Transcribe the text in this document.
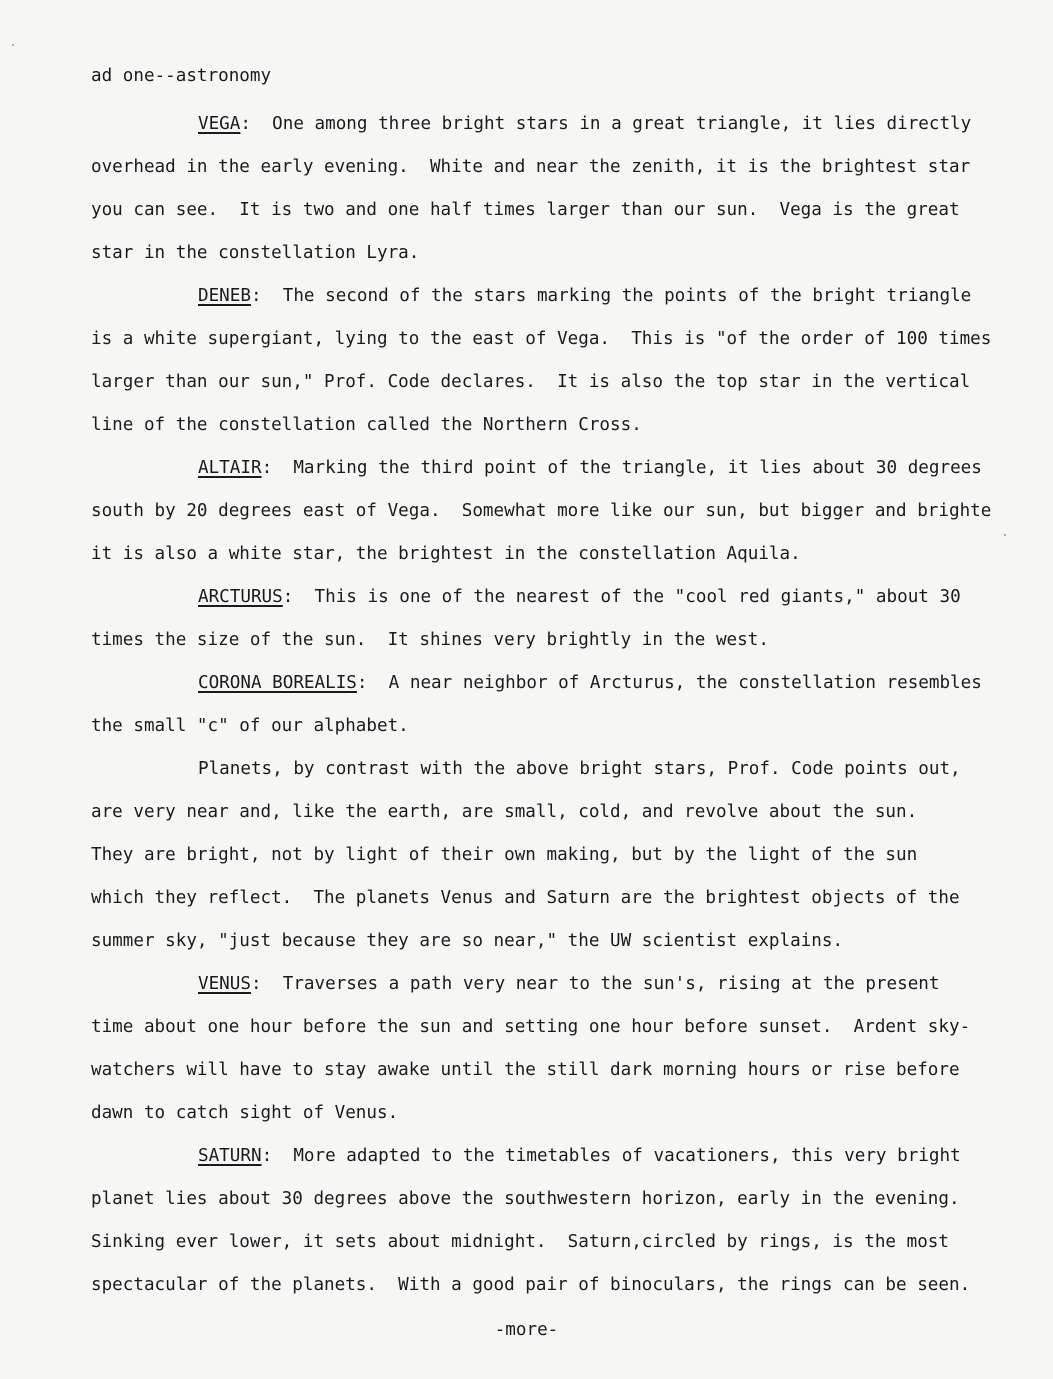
ad one--astronomy
VEGA:  One among three bright stars in a great triangle, it lies directly
overhead in the early evening.  White and near the zenith, it is the brightest star
you can see.  It is two and one half times larger than our sun.  Vega is the great
star in the constellation Lyra.
DENEB:  The second of the stars marking the points of the bright triangle
is a white supergiant, lying to the east of Vega.  This is "of the order of 100 times
larger than our sun," Prof. Code declares.  It is also the top star in the vertical
line of the constellation called the Northern Cross.
ALTAIR:  Marking the third point of the triangle, it lies about 30 degrees
south by 20 degrees east of Vega.  Somewhat more like our sun, but bigger and brighte
it is also a white star, the brightest in the constellation Aquila.
ARCTURUS:  This is one of the nearest of the "cool red giants," about 30
times the size of the sun.  It shines very brightly in the west.
CORONA BOREALIS:  A near neighbor of Arcturus, the constellation resembles
the small "c" of our alphabet.
Planets, by contrast with the above bright stars, Prof. Code points out,
are very near and, like the earth, are small, cold, and revolve about the sun.
They are bright, not by light of their own making, but by the light of the sun
which they reflect.  The planets Venus and Saturn are the brightest objects of the
summer sky, "just because they are so near," the UW scientist explains.
VENUS:  Traverses a path very near to the sun's, rising at the present
time about one hour before the sun and setting one hour before sunset.  Ardent sky-
watchers will have to stay awake until the still dark morning hours or rise before
dawn to catch sight of Venus.
SATURN:  More adapted to the timetables of vacationers, this very bright
planet lies about 30 degrees above the southwestern horizon, early in the evening.
Sinking ever lower, it sets about midnight.  Saturn,circled by rings, is the most
spectacular of the planets.  With a good pair of binoculars, the rings can be seen.
-more-
